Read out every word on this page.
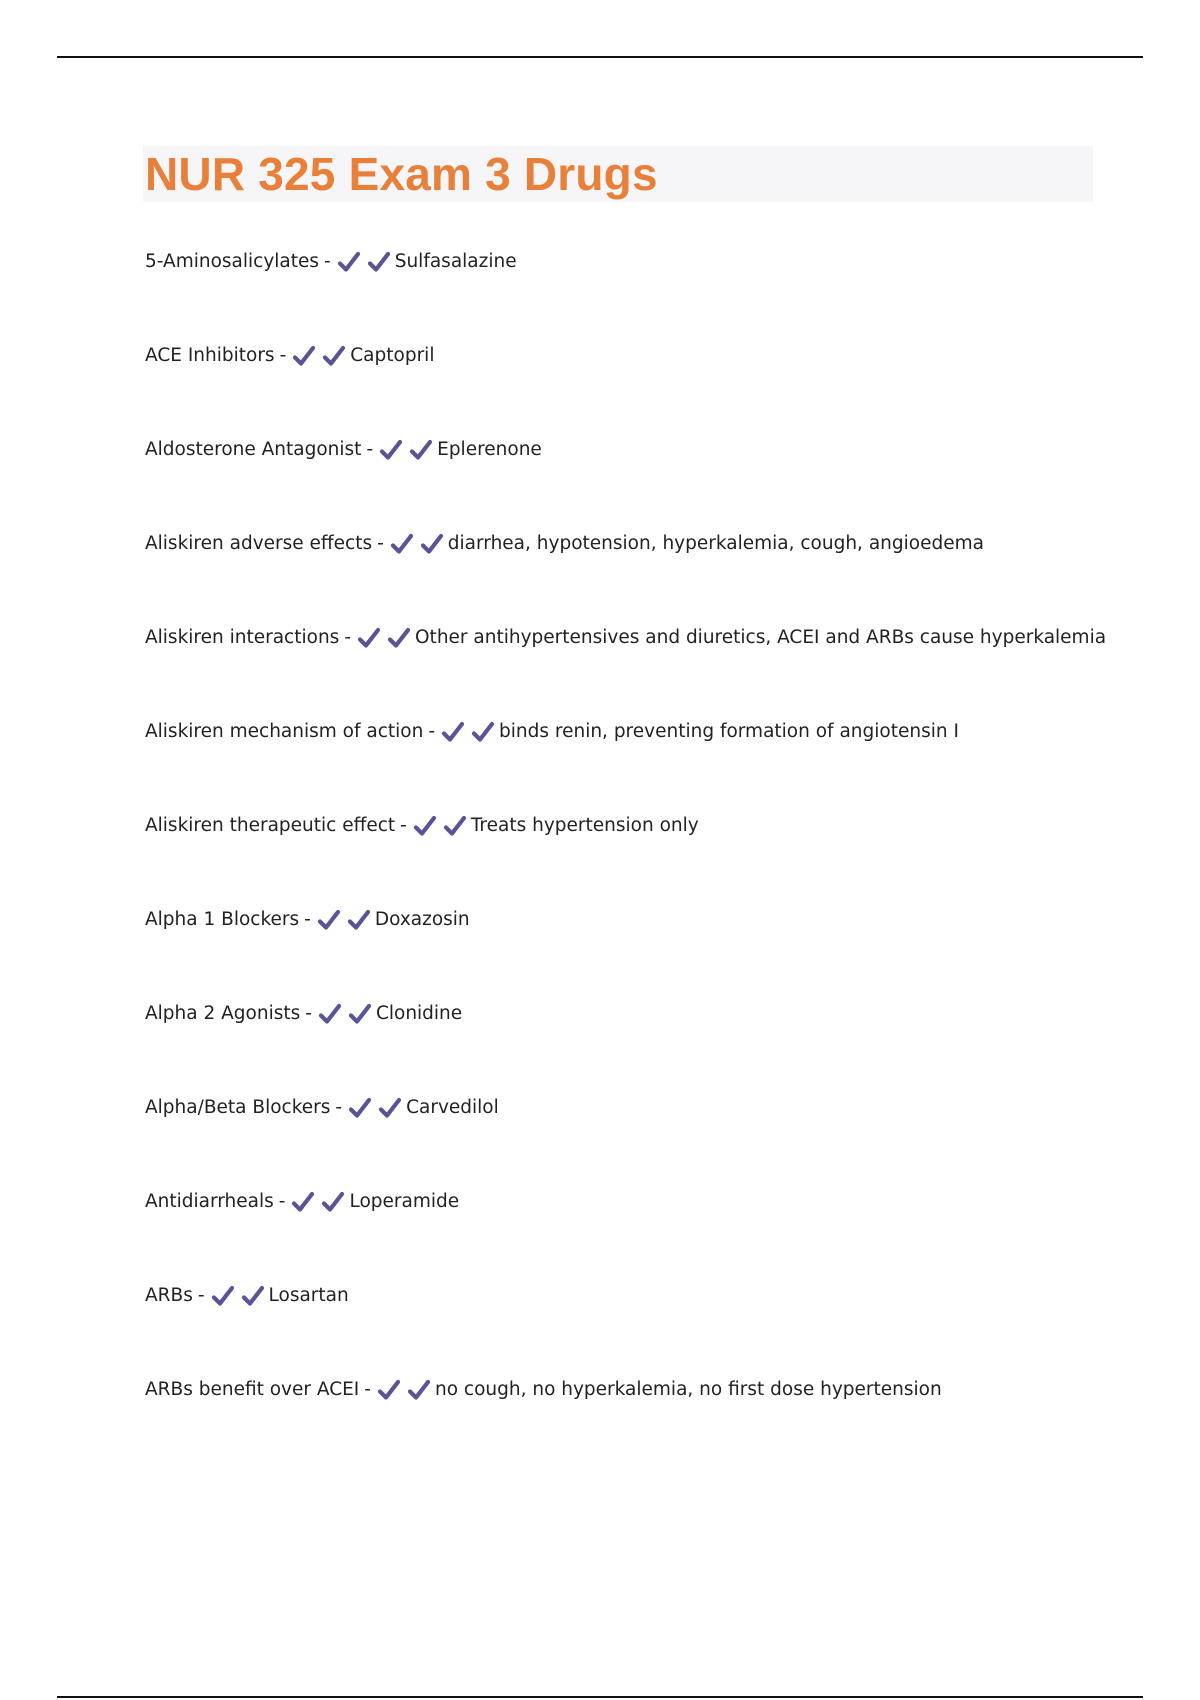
NUR 325 Exam 3 Drugs
5-Aminosalicylates -	Sulfasalazine
ACE Inhibitors -	Captopril
Aldosterone Antagonist -	Eplerenone
Aliskiren adverse effects -	diarrhea, hypotension, hyperkalemia, cough, angioedema
Aliskiren interactions -	Other antihypertensives and diuretics, ACEI and ARBs cause hyperkalemia
Aliskiren mechanism of action -	binds renin, preventing formation of angiotensin I
Aliskiren therapeutic effect -	Treats hypertension only
Alpha 1 Blockers -	Doxazosin
Alpha 2 Agonists -	Clonidine
Alpha/Beta Blockers -	Carvedilol
Antidiarrheals -	Loperamide
ARBs -	Losartan
ARBs benefit over ACEI -	no cough, no hyperkalemia, no first dose hypertension
